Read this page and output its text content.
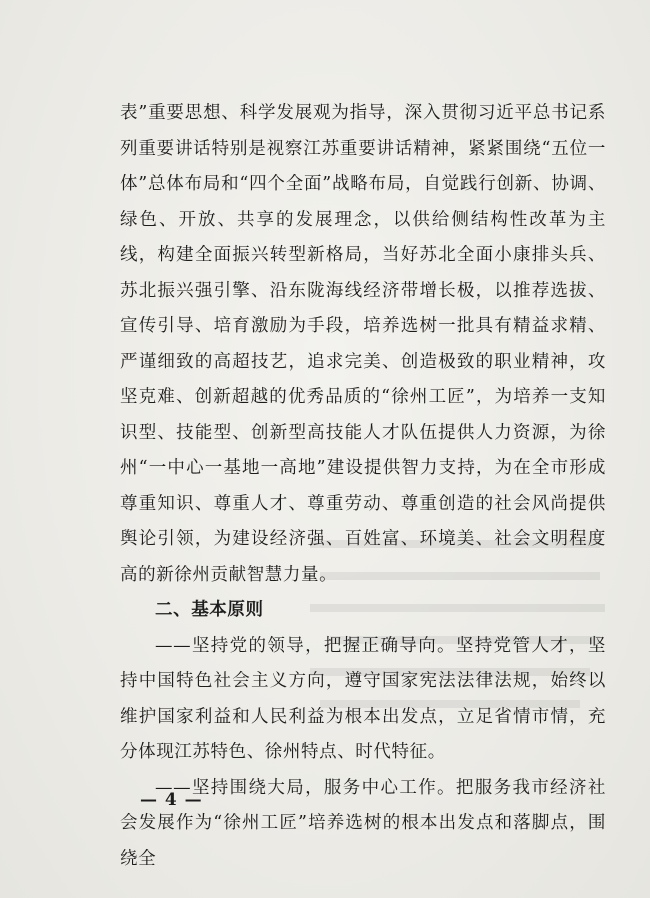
表”重要思想、科学发展观为指导，深入贯彻习近平总书记系列重要讲话特别是视察江苏重要讲话精神，紧紧围绕“五位一体”总体布局和“四个全面”战略布局，自觉践行创新、协调、绿色、开放、共享的发展理念，以供给侧结构性改革为主线，构建全面振兴转型新格局，当好苏北全面小康排头兵、苏北振兴强引擎、沿东陇海线经济带增长极，以推荐选拔、宣传引导、培育激励为手段，培养选树一批具有精益求精、严谨细致的高超技艺，追求完美、创造极致的职业精神，攻坚克难、创新超越的优秀品质的“徐州工匠”，为培养一支知识型、技能型、创新型高技能人才队伍提供人力资源，为徐州“一中心一基地一高地”建设提供智力支持，为在全市形成尊重知识、尊重人才、尊重劳动、尊重创造的社会风尚提供舆论引领，为建设经济强、百姓富、环境美、社会文明程度高的新徐州贡献智慧力量。

二、基本原则

——坚持党的领导，把握正确导向。坚持党管人才，坚持中国特色社会主义方向，遵守国家宪法法律法规，始终以维护国家利益和人民利益为根本出发点，立足省情市情，充分体现江苏特色、徐州特点、时代特征。

——坚持围绕大局，服务中心工作。把服务我市经济社会发展作为“徐州工匠”培养选树的根本出发点和落脚点，围绕全

— 4 —
